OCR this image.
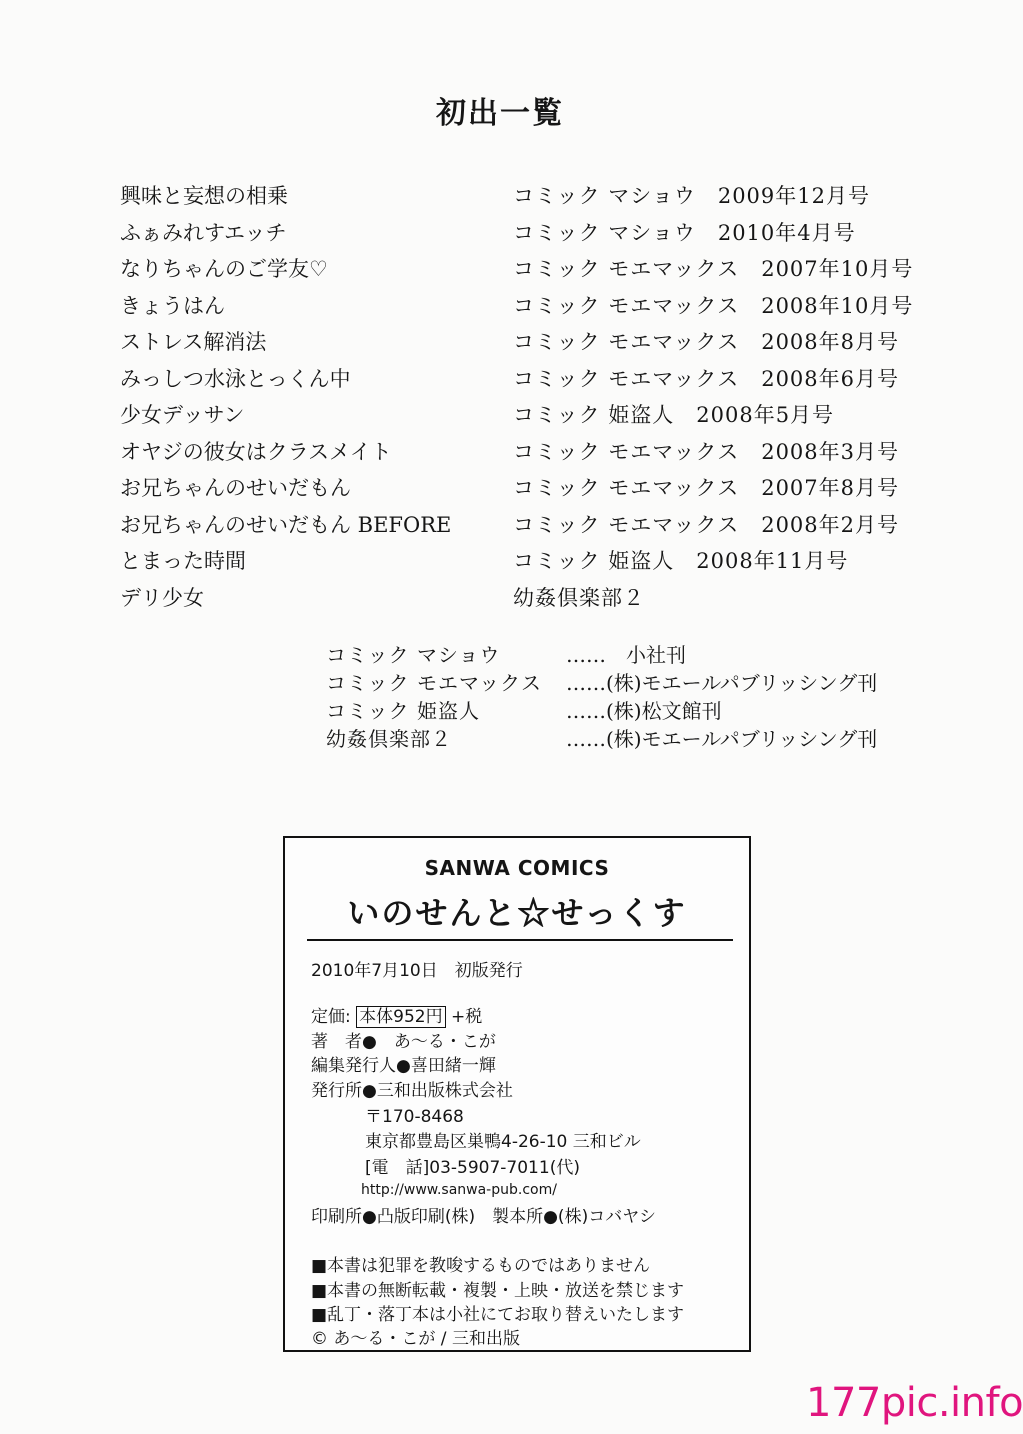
初出一覧
興味と妄想の相乗	コミック マショウ　2009年12月号
ふぁみれすエッチ	コミック マショウ　2010年4月号
なりちゃんのご学友♡	コミック モエマックス　2007年10月号
きょうはん	コミック モエマックス　2008年10月号
ストレス解消法	コミック モエマックス　2008年8月号
みっしつ水泳とっくん中	コミック モエマックス　2008年6月号
少女デッサン	コミック 姫盗人　2008年5月号
オヤジの彼女はクラスメイト	コミック モエマックス　2008年3月号
お兄ちゃんのせいだもん	コミック モエマックス　2007年8月号
お兄ちゃんのせいだもん BEFORE	コミック モエマックス　2008年2月号
とまった時間	コミック 姫盗人　2008年11月号
デリ少女	幼姦倶楽部２
コミック マショウ	……　小社刊
コミック モエマックス ……(株)モエールパブリッシング刊
コミック 姫盗人	……(株)松文館刊
幼姦倶楽部２	……(株)モエールパブリッシング刊
SANWA COMICS
いのせんと☆せっくす
2010年7月10日　初版発行
定価: 本体952円 +税
著　者●　あ〜る・こが
編集発行人●喜田緒一輝
発行所●三和出版株式会社
〒170-8468
東京都豊島区巣鴨4-26-10 三和ビル
[電　話]03-5907-7011(代)
http://www.sanwa-pub.com/
印刷所●凸版印刷(株)　製本所●(株)コバヤシ
■本書は犯罪を教唆するものではありません
■本書の無断転載・複製・上映・放送を禁じます
■乱丁・落丁本は小社にてお取り替えいたします
© あ〜る・こが / 三和出版
177pic.info
